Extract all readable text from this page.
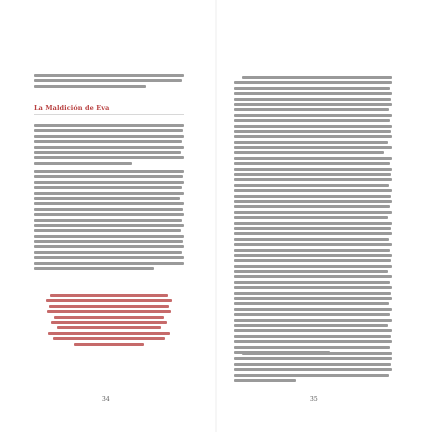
La Maldición de Eva
34	35
